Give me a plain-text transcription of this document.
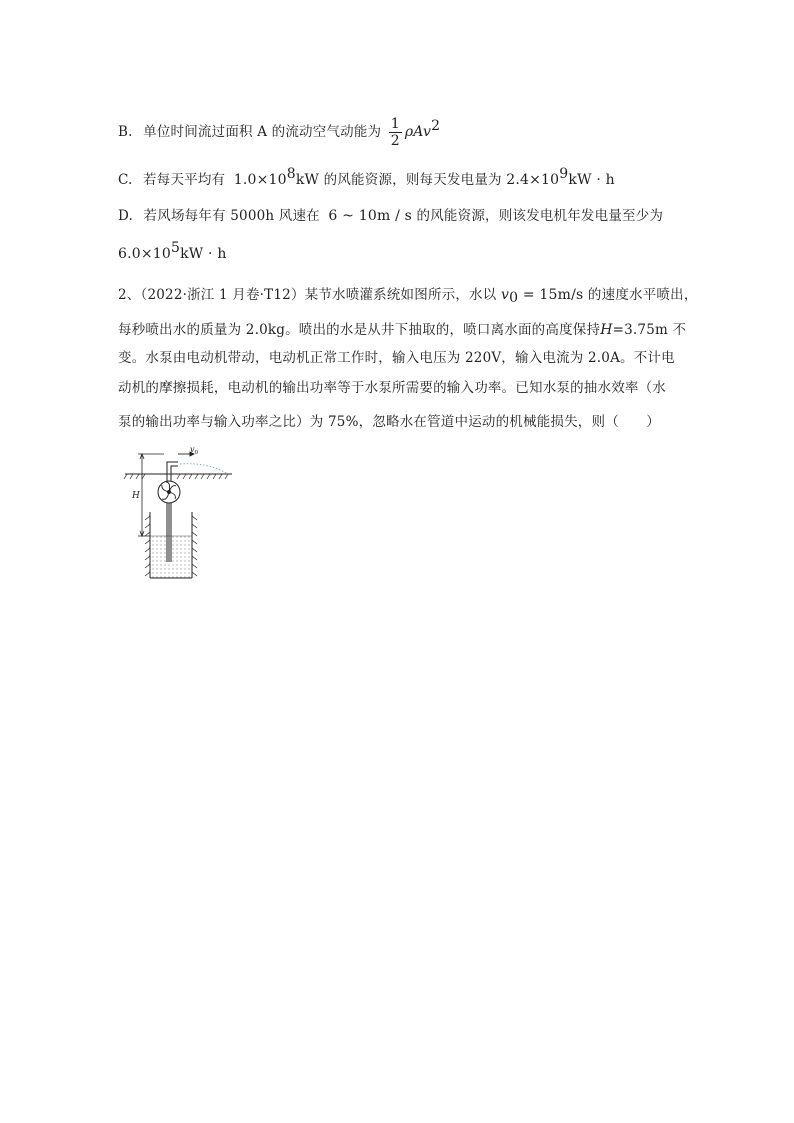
B. 单位时间流过面积 A 的流动空气动能为 $\frac{1}{2} \rho Av^2$
C. 若每天平均有 $1.0\times 10^8kW$ 的风能资源，则每天发电量为 $2.4\times 10^9kW \cdot h$
D. 若风场每年有 5000h 风速在 6 ~ 10m / s 的风能资源，则该发电机年发电量至少为
$6.0\times 10^5kW \cdot h$
2、（2022·浙江 1 月卷·T12）某节水喷灌系统如图所示，水以 $v_0 = 15m/s$ 的速度水平喷出，
每秒喷出水的质量为 2.0kg。喷出的水是从井下抽取的，喷口离水面的高度保持H=3.75m 不
变。水泵由电动机带动，电动机正常工作时，输入电压为 220V，输入电流为 2.0A。不计电
动机的摩擦损耗，电动机的输出功率等于水泵所需要的输入功率。已知水泵的抽水效率（水
泵的输出功率与输入功率之比）为 75%，忽略水在管道中运动的机械能损失，则（　　）
H
$v_0$
